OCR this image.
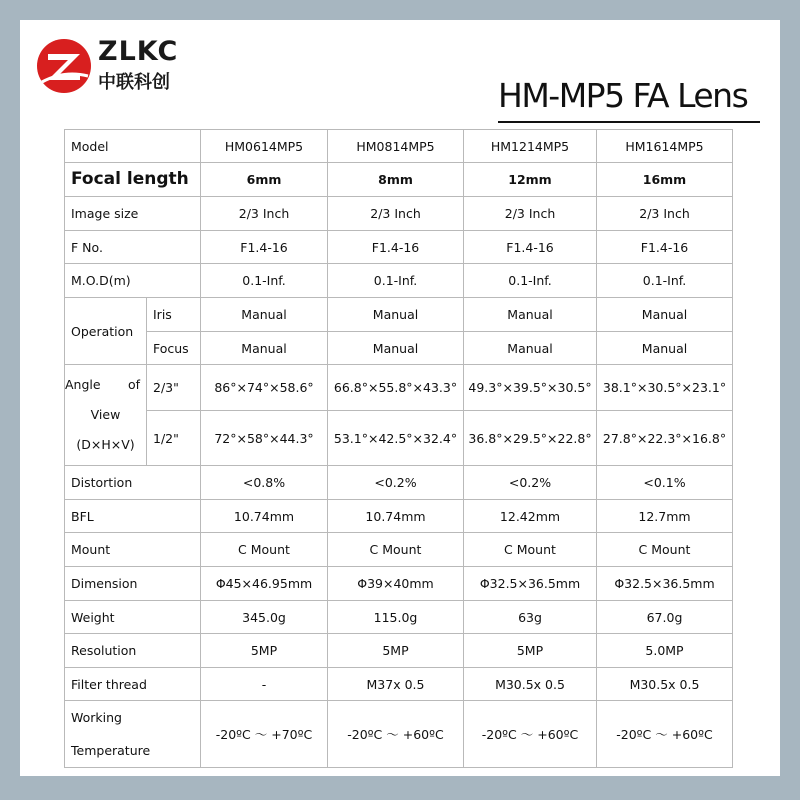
ZLKC
中联科创	HM-MP5 FA Lens
Model		HM0614MP5	HM0814MP5	HM1214MP5	HM1614MP5
Focal length		6mm	8mm	12mm	16mm
Image size		2/3 Inch	2/3 Inch	2/3 Inch	2/3 Inch
F No.		F1.4-16	F1.4-16	F1.4-16	F1.4-16
M.O.D(m)		0.1-Inf.	0.1-Inf.	0.1-Inf.	0.1-Inf.
Operation	Iris	Manual	Manual	Manual	Manual
	Focus	Manual	Manual	Manual	Manual

Angle of
View
(D×H×V)	2/3"	86°×74°×58.6°	66.8°×55.8°×43.3°	49.3°×39.5°×30.5°	38.1°×30.5°×23.1°
	1/2"	72°×58°×44.3°	53.1°×42.5°×32.4°	36.8°×29.5°×22.8°	27.8°×22.3°×16.8°
Distortion		<0.8%	<0.2%	<0.2%	<0.1%
BFL		10.74mm	10.74mm	12.42mm	12.7mm
Mount		C Mount	C Mount	C Mount	C Mount
Dimension		Φ45×46.95mm	Φ39×40mm	Φ32.5×36.5mm	Φ32.5×36.5mm
Weight		345.0g	115.0g	63g	67.0g
Resolution		5MP	5MP	5MP	5.0MP
Filter thread		-	M37x 0.5	M30.5x 0.5	M30.5x 0.5

Working
Temperature		-20ºC ～ +70ºC	-20ºC ～ +60ºC	-20ºC ～ +60ºC	-20ºC ～ +60ºC
